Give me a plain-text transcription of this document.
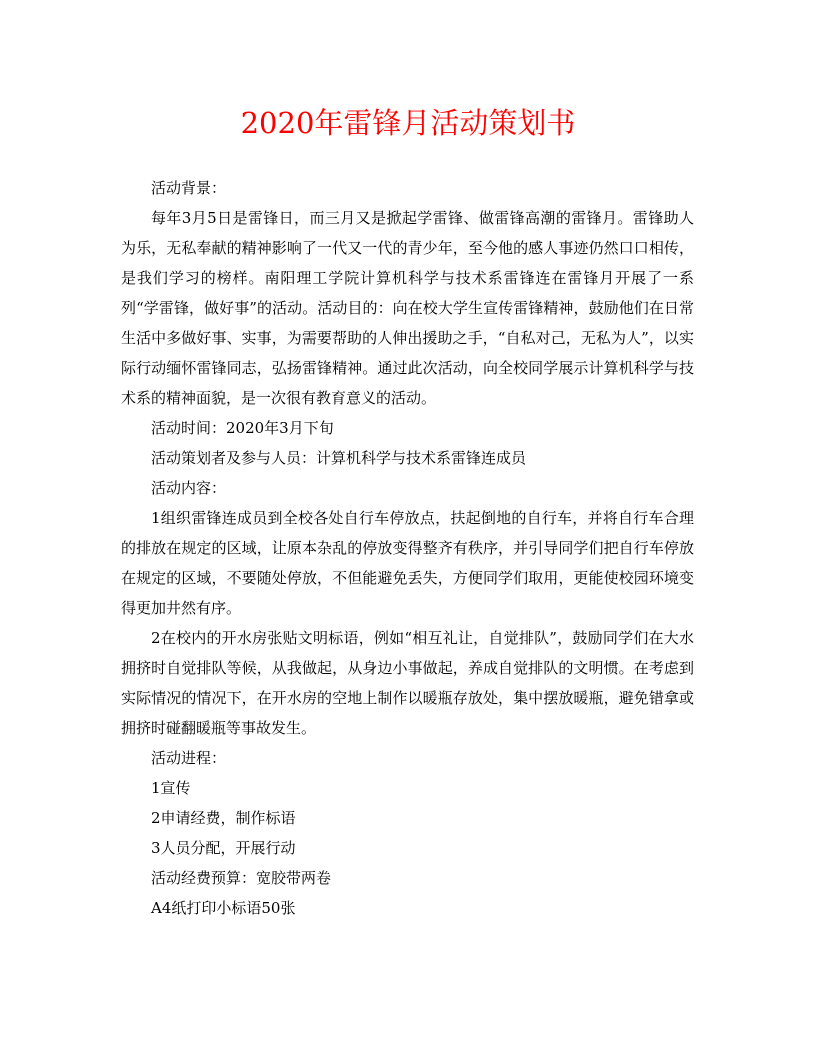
2020年雷锋月活动策划书

活动背景：

每年3月5日是雷锋日，而三月又是掀起学雷锋、做雷锋高潮的雷锋月。雷锋助人为乐，无私奉献的精神影响了一代又一代的青少年，至今他的感人事迹仍然口口相传，是我们学习的榜样。南阳理工学院计算机科学与技术系雷锋连在雷锋月开展了一系列“学雷锋，做好事”的活动。活动目的：向在校大学生宣传雷锋精神，鼓励他们在日常生活中多做好事、实事，为需要帮助的人伸出援助之手，“自私对己，无私为人”，以实际行动缅怀雷锋同志，弘扬雷锋精神。通过此次活动，向全校同学展示计算机科学与技术系的精神面貌，是一次很有教育意义的活动。

活动时间：2020年3月下旬

活动策划者及参与人员：计算机科学与技术系雷锋连成员

活动内容：

1组织雷锋连成员到全校各处自行车停放点，扶起倒地的自行车，并将自行车合理的排放在规定的区域，让原本杂乱的停放变得整齐有秩序，并引导同学们把自行车停放在规定的区域，不要随处停放，不但能避免丢失，方便同学们取用，更能使校园环境变得更加井然有序。

2在校内的开水房张贴文明标语，例如“相互礼让，自觉排队”，鼓励同学们在大水拥挤时自觉排队等候，从我做起，从身边小事做起，养成自觉排队的文明惯。在考虑到实际情况的情况下，在开水房的空地上制作以暖瓶存放处，集中摆放暖瓶，避免错拿或拥挤时碰翻暖瓶等事故发生。

活动进程：

1宣传

2申请经费，制作标语

3人员分配，开展行动

活动经费预算：宽胶带两卷

A4纸打印小标语50张
